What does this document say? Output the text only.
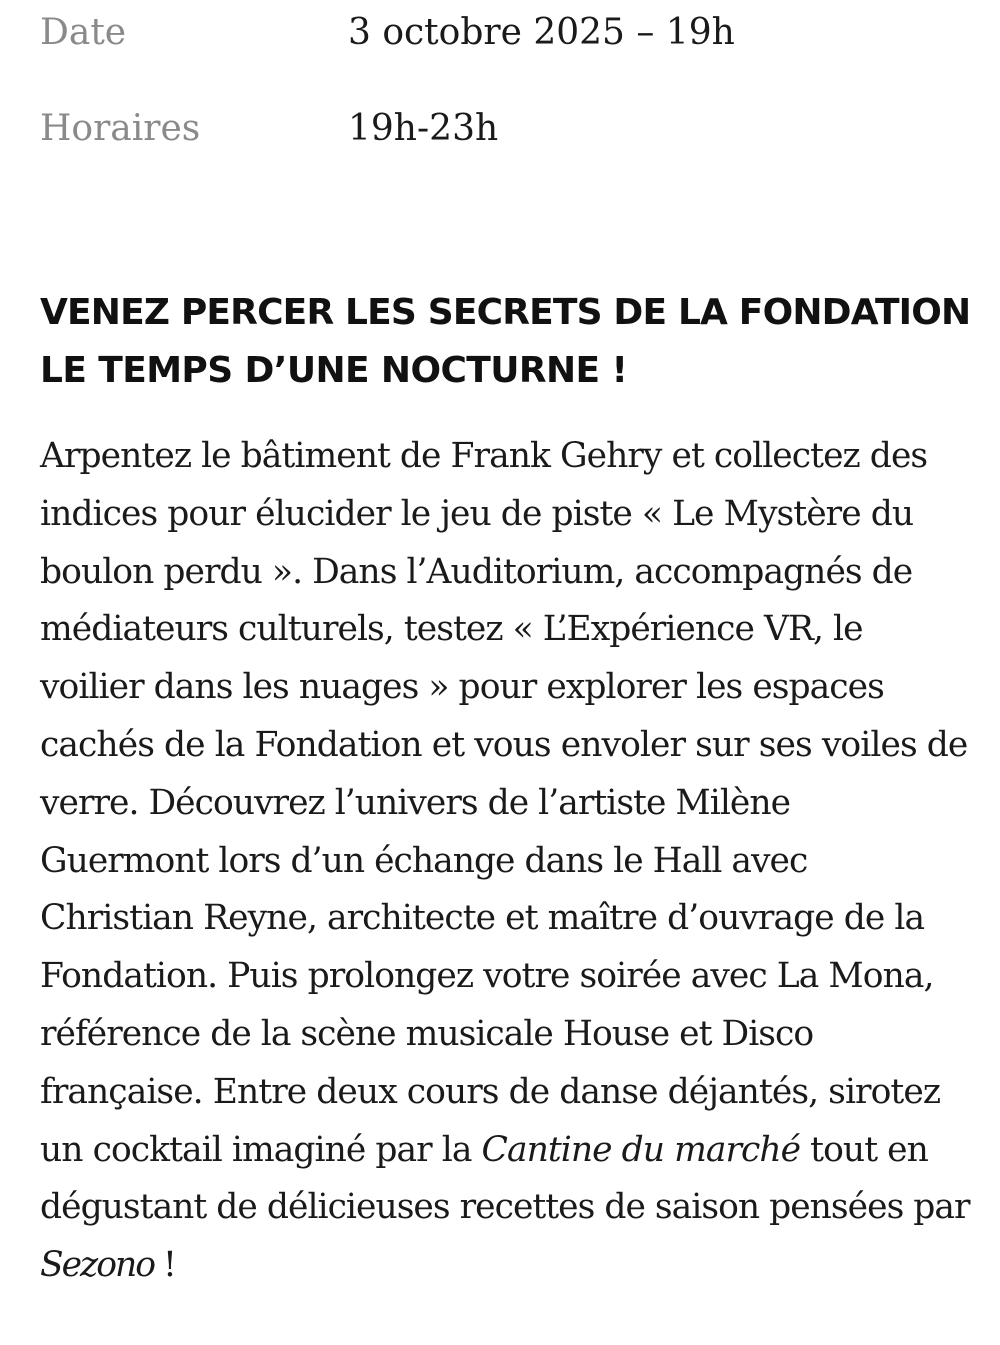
Date	3 octobre 2025 – 19h
Horaires	19h-23h
VENEZ PERCER LES SECRETS DE LA FONDATION
LE TEMPS D’UNE NOCTURNE !

Arpentez le bâtiment de Frank Gehry et collectez des
indices pour élucider le jeu de piste « Le Mystère du
boulon perdu ». Dans l’Auditorium, accompagnés de
médiateurs culturels, testez « L’Expérience VR, le
voilier dans les nuages » pour explorer les espaces
cachés de la Fondation et vous envoler sur ses voiles de
verre. Découvrez l’univers de l’artiste Milène
Guermont lors d’un échange dans le Hall avec
Christian Reyne, architecte et maître d’ouvrage de la
Fondation. Puis prolongez votre soirée avec La Mona,
référence de la scène musicale House et Disco
française. Entre deux cours de danse déjantés, sirotez
un cocktail imaginé par la Cantine du marché tout en
dégustant de délicieuses recettes de saison pensées par
Sezono !
